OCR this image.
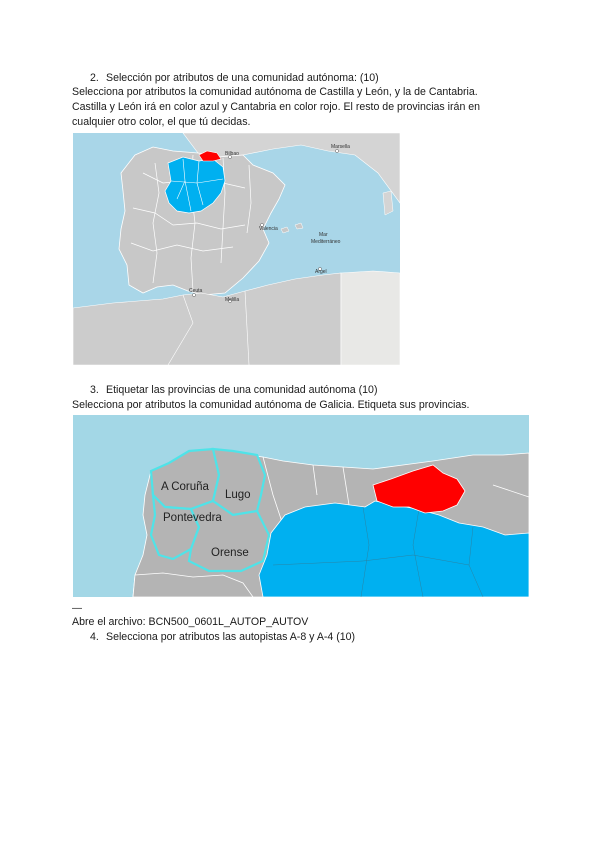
2. Selección por atributos de una comunidad autónoma: (10)
Selecciona por atributos la comunidad autónoma de Castilla y León, y la de Cantabria.
Castilla y León irá en color azul y Cantabria en color rojo. El resto de provincias irán en
cualquier otro color, el que tú decidas.
Bilbao
Marsella
Valencia
Mar
Mediterráneo
Argel
Ceuta
Melilla
3. Etiquetar las provincias de una comunidad autónoma (10)
Selecciona por atributos la comunidad autónoma de Galicia. Etiqueta sus provincias.
A Coruña
Lugo
Pontevedra
Orense
—
Abre el archivo: BCN500_0601L_AUTOP_AUTOV
4. Selecciona por atributos las autopistas A-8 y A-4 (10)
